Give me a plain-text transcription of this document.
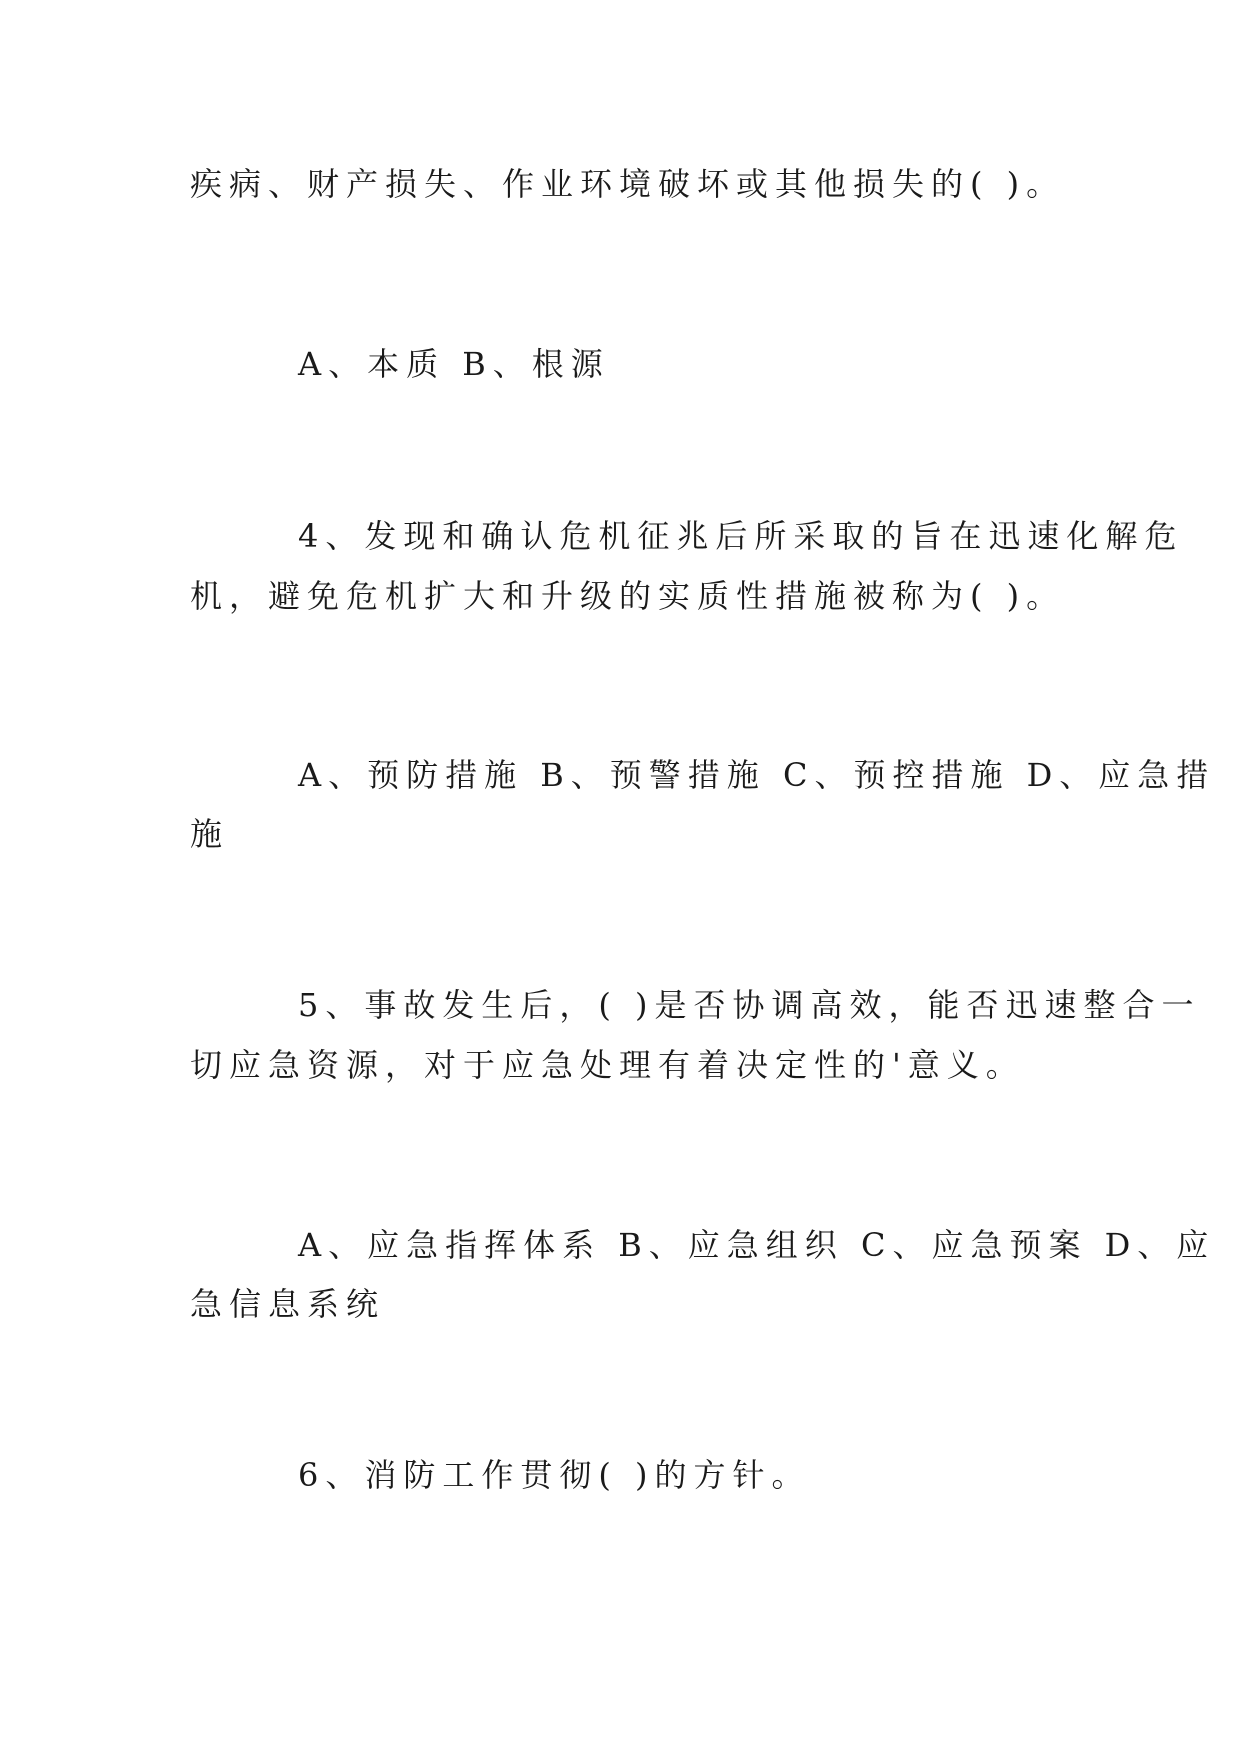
疾病、财产损失、作业环境破坏或其他损失的( )。
A、本质 B、根源
4、发现和确认危机征兆后所采取的旨在迅速化解危
机，避免危机扩大和升级的实质性措施被称为( )。
A、预防措施 B、预警措施 C、预控措施 D、应急措
施
5、事故发生后，( )是否协调高效，能否迅速整合一
切应急资源，对于应急处理有着决定性的'意义。
A、应急指挥体系 B、应急组织 C、应急预案 D、应
急信息系统
6、消防工作贯彻( )的方针。
